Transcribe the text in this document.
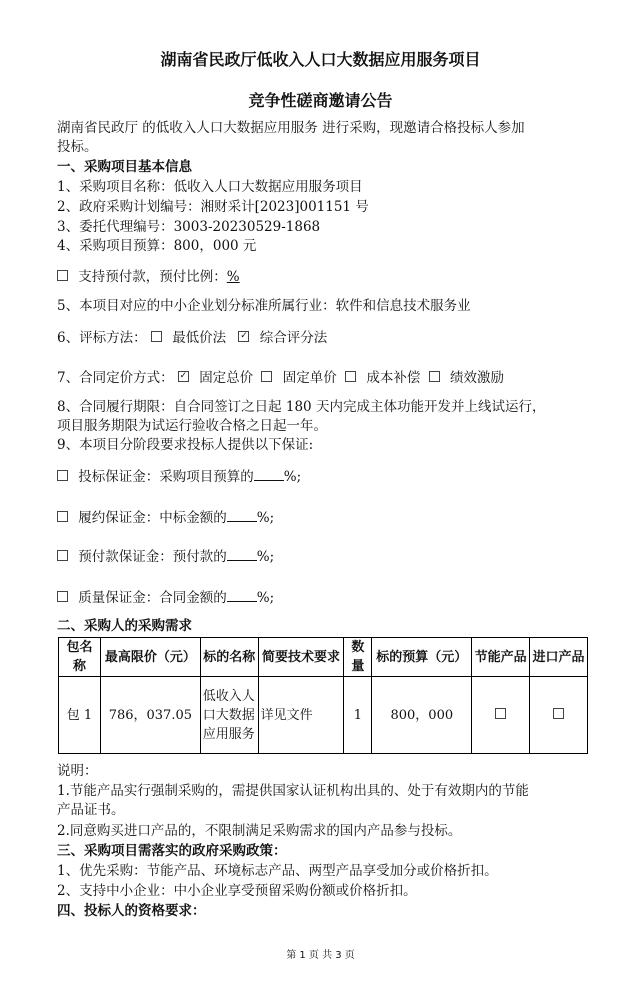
湖南省民政厅低收入人口大数据应用服务项目
竞争性磋商邀请公告
湖南省民政厅 的低收入人口大数据应用服务 进行采购，现邀请合格投标人参加
投标。
一、采购项目基本信息
1、采购项目名称：低收入人口大数据应用服务项目
2、政府采购计划编号：湘财采计[2023]001151 号
3、委托代理编号：3003-20230529-1868
4、采购项目预算：800，000 元
支持预付款，预付比例：%
5、本项目对应的中小企业划分标准所属行业：软件和信息技术服务业
6、评标方法： 最低价法 ✓ 综合评分法
7、合同定价方式： ✓ 固定总价 固定单价 成本补偿 绩效激励
8、合同履行期限：自合同签订之日起 180 天内完成主体功能开发并上线试运行，
项目服务期限为试运行验收合格之日起一年。
9、本项目分阶段要求投标人提供以下保证:
投标保证金：采购项目预算的 %;
履约保证金：中标金额的 %;
预付款保证金：预付款的 %;
质量保证金：合同金额的 %;
二、采购人的采购需求
包名称	最高限价（元）	标的名称	简要技术要求	数量	标的预算（元）	节能产品	进口产品
包 1	786，037.05	低收入人口大数据应用服务	详见文件	1	800，000		
说明：
1.节能产品实行强制采购的，需提供国家认证机构出具的、处于有效期内的节能
产品证书。
2.同意购买进口产品的，不限制满足采购需求的国内产品参与投标。
三、采购项目需落实的政府采购政策：
1、优先采购：节能产品、环境标志产品、两型产品享受加分或价格折扣。
2、支持中小企业：中小企业享受预留采购份额或价格折扣。
四、投标人的资格要求：
第 1 页 共 3 页
